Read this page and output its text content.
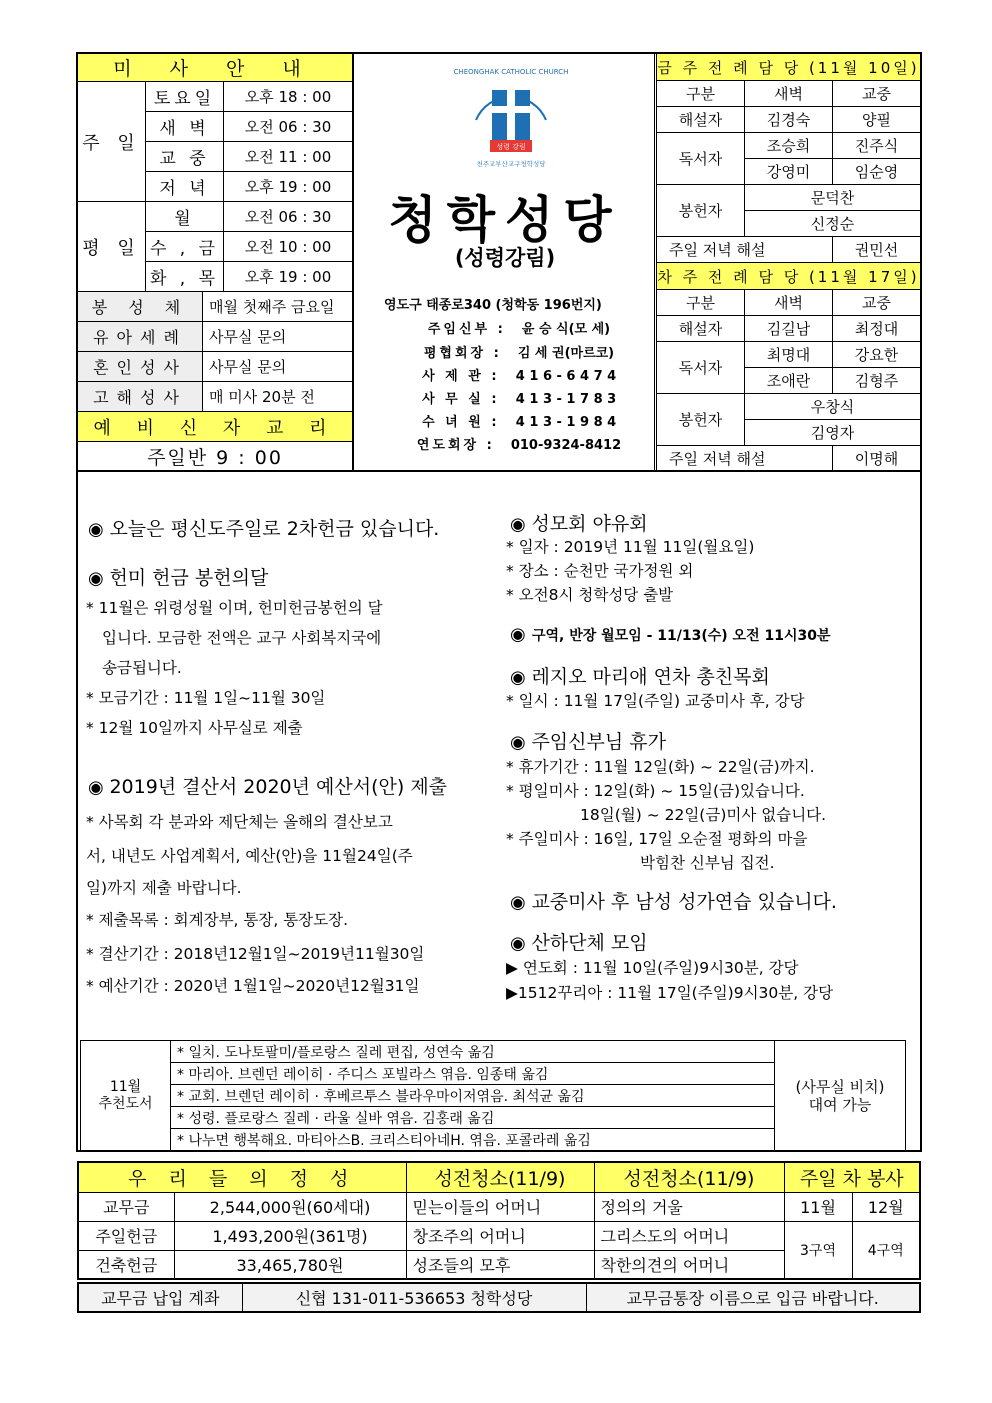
미 사 안 내		
주 일	토요일	오후 18 : 00
	새 벽	오전 06 : 30
	교 중	오전 11 : 00
	저 녁	오후 19 : 00
평 일	월	오전 06 : 30
	수 , 금	오전 10 : 00
	화 , 목	오후 19 : 00
봉 성 체	매월 첫째주 금요일
유아세례	사무실 문의
혼인성사	사무실 문의
고해성사	매 미사 20분 전
예 비 신 자 교 리	
주일반 9 : 00	
CHEONGHAK CATHOLIC CHURCH
성령 강림
천주교부산교구청학성당
청학성당
(성령강림)
영도구 태종로340 (청학동 196번지)
주임신부 : 윤 승 식(모 세)
평협회장 : 김 세 권(마르코)
사 제 관 : 4 1 6 - 6 4 7 4
사 무 실 : 4 1 3 - 1 7 8 3
수 녀 원 : 4 1 3 - 1 9 8 4
연도회장 : 010-9324-8412
금 주 전 례 담 당 (11월 10일)		
구분	새벽	교중
해설자	김경숙	양필
독서자	조승희	진주식
	강영미	임순영
봉헌자	문덕찬	
	신정순	
주일 저녁 해설		권민선
차 주 전 례 담 당 (11월 17일)		
구분	새벽	교중
해설자	김길남	최정대
독서자	최명대	강요한
	조애란	김형주
봉헌자	우창식	
	김영자	
주일 저녁 해설		이명해
◉ 오늘은 평신도주일로 2차헌금 있습니다.
◉ 헌미 헌금 봉헌의달
* 11월은 위령성월 이며, 헌미헌금봉헌의 달
입니다. 모금한 전액은 교구 사회복지국에
송금됩니다.
* 모금기간 : 11월 1일~11월 30일
* 12월 10일까지 사무실로 제출
◉ 2019년 결산서 2020년 예산서(안) 제출
* 사목회 각 분과와 제단체는 올해의 결산보고
서, 내년도 사업계획서, 예산(안)을 11월24일(주
일)까지 제출 바랍니다.
* 제출목록 : 회계장부, 통장, 통장도장.
* 결산기간 : 2018년12월1일~2019년11월30일
* 예산기간 : 2020년 1월1일~2020년12월31일
◉ 성모회 야유회
* 일자 : 2019년 11월 11일(월요일)
* 장소 : 순천만 국가정원 외
* 오전8시 청학성당 출발
◉ 구역, 반장 월모임 - 11/13(수) 오전 11시30분
◉ 레지오 마리애 연차 총친목회
* 일시 : 11월 17일(주일) 교중미사 후, 강당
◉ 주임신부님 휴가
* 휴가기간 : 11월 12일(화) ~ 22일(금)까지.
* 평일미사 : 12일(화) ~ 15일(금)있습니다.
18일(월) ~ 22일(금)미사 없습니다.
* 주일미사 : 16일, 17일 오순절 평화의 마을
박힘찬 신부님 집전.
◉ 교중미사 후 남성 성가연습 있습니다.
◉ 산하단체 모임
▶ 연도회 : 11월 10일(주일)9시30분, 강당
▶1512꾸리아 : 11월 17일(주일)9시30분, 강당
11월
추천도서	* 일치. 도나토팔미/플로랑스 질레 편집, 성연숙 옮김	(사무실 비치)
대여 가능
* 마리아. 브렌던 레이히 · 주디스 포빌라스 엮음. 임종태 옮김
* 교회. 브렌던 레이히 · 후베르투스 블라우마이저엮음. 최석균 옮김
* 성령. 플로랑스 질레 · 라울 실바 엮음. 김홍래 옮김
* 나누면 행복해요. 마티아스B. 크리스티아네H. 엮음. 포콜라레 옮김
우 리 들 의 정 성		성전청소(11/9)	성전청소(11/9)	주일 차 봉사	
교무금	2,544,000원(60세대)	믿는이들의 어머니	정의의 거울	11월	12월
주일헌금	1,493,200원(361명)	창조주의 어머니	그리스도의 어머니	3구역	4구역
건축헌금	33,465,780원	성조들의 모후	착한의견의 어머니		
교무금 납입 계좌	신협 131-011-536653 청학성당	교무금통장 이름으로 입금 바랍니다.
